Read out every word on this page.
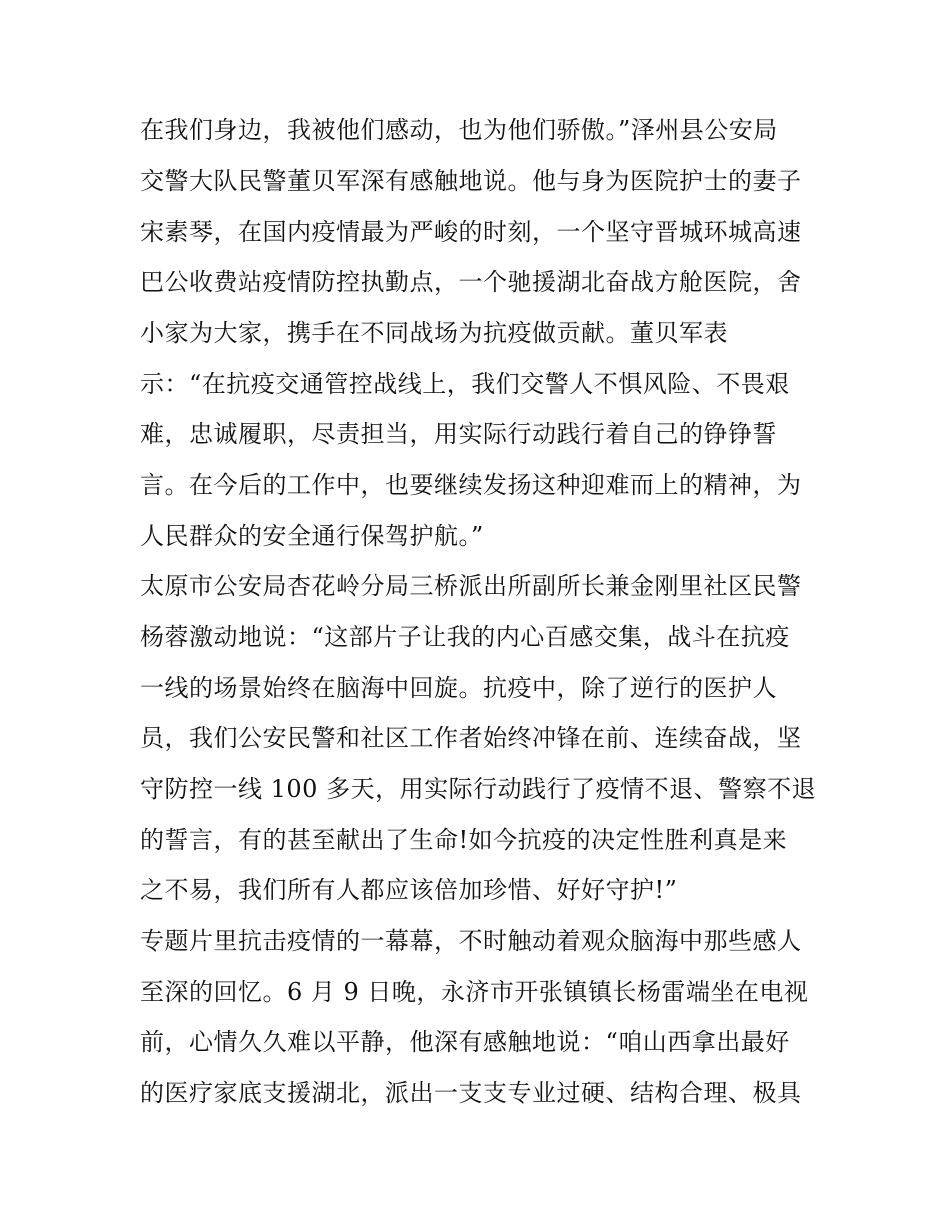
在我们身边，我被他们感动，也为他们骄傲。”泽州县公安局
交警大队民警董贝军深有感触地说。他与身为医院护士的妻子
宋素琴，在国内疫情最为严峻的时刻，一个坚守晋城环城高速
巴公收费站疫情防控执勤点，一个驰援湖北奋战方舱医院，舍
小家为大家，携手在不同战场为抗疫做贡献。董贝军表
示：“在抗疫交通管控战线上，我们交警人不惧风险、不畏艰
难，忠诚履职，尽责担当，用实际行动践行着自己的铮铮誓
言。在今后的工作中，也要继续发扬这种迎难而上的精神，为
人民群众的安全通行保驾护航。”
太原市公安局杏花岭分局三桥派出所副所长兼金刚里社区民警
杨蓉激动地说：“这部片子让我的内心百感交集，战斗在抗疫
一线的场景始终在脑海中回旋。抗疫中，除了逆行的医护人
员，我们公安民警和社区工作者始终冲锋在前、连续奋战，坚
守防控一线 100 多天，用实际行动践行了疫情不退、警察不退
的誓言，有的甚至献出了生命!如今抗疫的决定性胜利真是来
之不易，我们所有人都应该倍加珍惜、好好守护!”
专题片里抗击疫情的一幕幕，不时触动着观众脑海中那些感人
至深的回忆。6 月 9 日晚，永济市开张镇镇长杨雷端坐在电视
前，心情久久难以平静，他深有感触地说：“咱山西拿出最好
的医疗家底支援湖北，派出一支支专业过硬、结构合理、极具
